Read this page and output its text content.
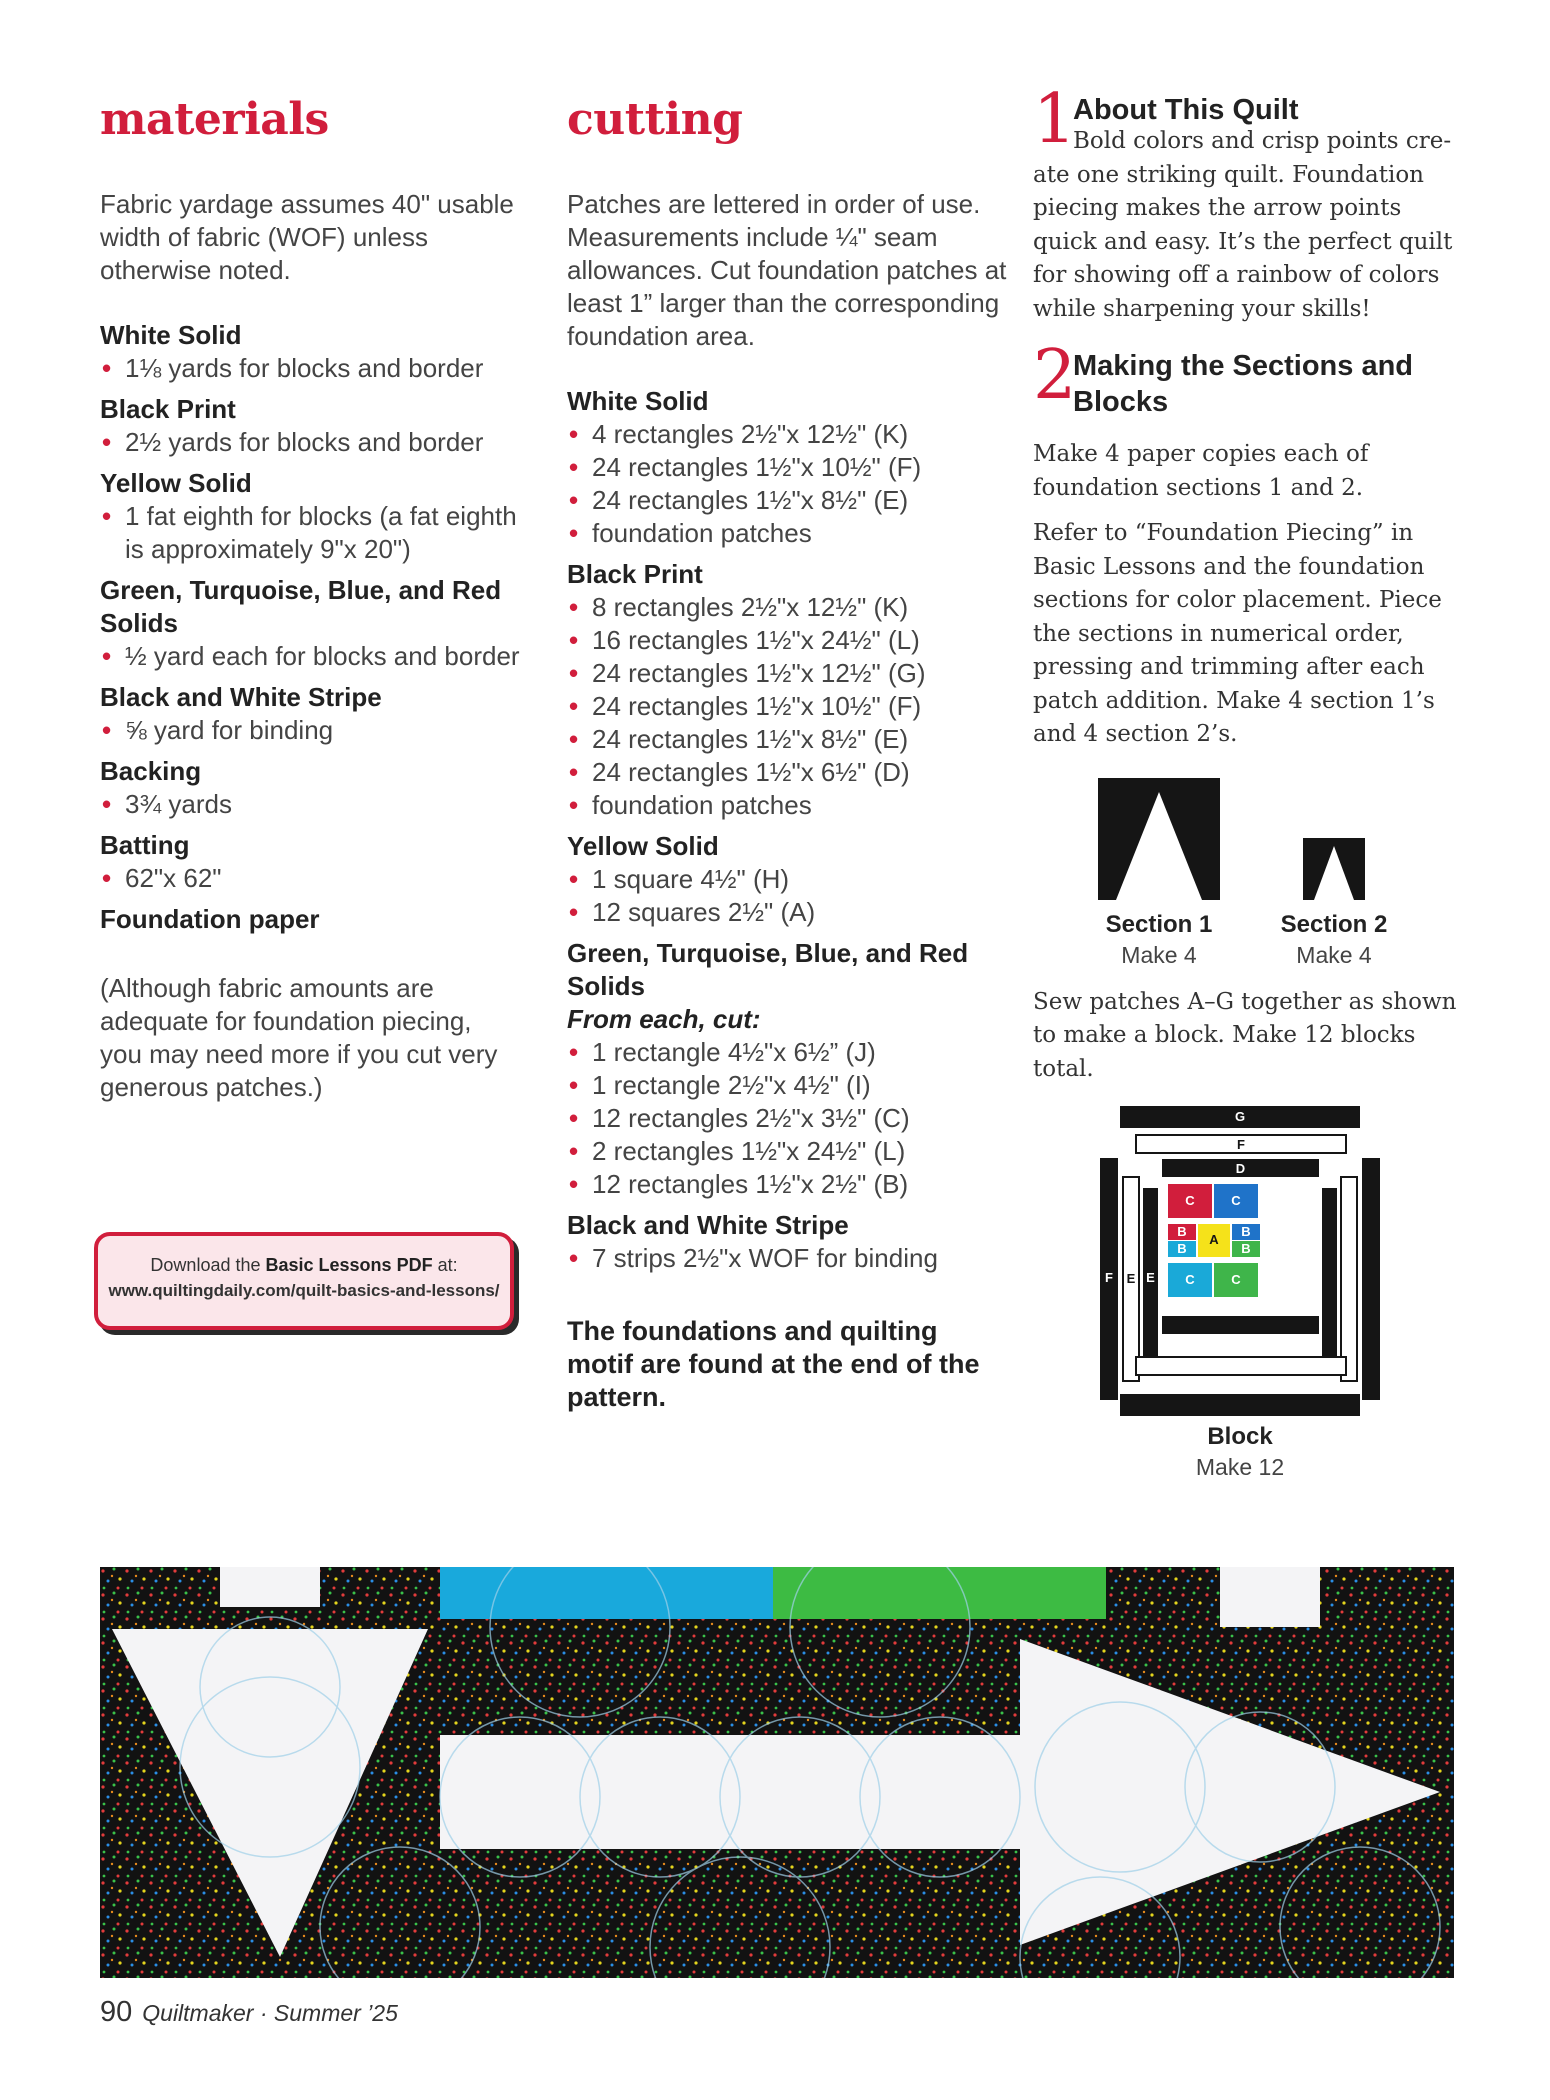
materials

Fabric yardage assumes 40" usable width of fabric (WOF) unless otherwise noted.

White Solid
• 1⅛ yards for blocks and border
Black Print
• 2½ yards for blocks and border
Yellow Solid
• 1 fat eighth for blocks (a fat eighth is approximately 9"x 20")
Green, Turquoise, Blue, and Red Solids
• ½ yard each for blocks and border
Black and White Stripe
• ⅝ yard for binding
Backing
• 3¾ yards
Batting
• 62"x 62"
Foundation paper

(Although fabric amounts are adequate for foundation piecing, you may need more if you cut very generous patches.)

Download the Basic Lessons PDF at:
www.quiltingdaily.com/quilt-basics-and-lessons/
cutting

Patches are lettered in order of use. Measurements include ¼" seam allowances. Cut foundation patches at least 1” larger than the corresponding foundation area.

White Solid
• 4 rectangles 2½"x 12½" (K)
• 24 rectangles 1½"x 10½" (F)
• 24 rectangles 1½"x 8½" (E)
• foundation patches
Black Print
• 8 rectangles 2½"x 12½" (K)
• 16 rectangles 1½"x 24½" (L)
• 24 rectangles 1½"x 12½" (G)
• 24 rectangles 1½"x 10½" (F)
• 24 rectangles 1½"x 8½" (E)
• 24 rectangles 1½"x 6½" (D)
• foundation patches
Yellow Solid
• 1 square 4½" (H)
• 12 squares 2½" (A)
Green, Turquoise, Blue, and Red Solids
From each, cut:
• 1 rectangle 4½"x 6½” (J)
• 1 rectangle 2½"x 4½" (I)
• 12 rectangles 2½"x 3½" (C)
• 2 rectangles 1½"x 24½" (L)
• 12 rectangles 1½"x 2½" (B)
Black and White Stripe
• 7 strips 2½"x WOF for binding

The foundations and quilting motif are found at the end of the pattern.

1
About This Quilt

Bold colors and crisp points cre-

ate one striking quilt. Foundation piecing makes the arrow points quick and easy. It’s the perfect quilt for showing off a rainbow of colors while sharpening your skills!

2
Making the Sections and Blocks

Make 4 paper copies each of foundation sections 1 and 2.

Refer to “Foundation Piecing” in Basic Lessons and the foundation sections for color placement. Piece the sections in numerical order, pressing and trimming after each patch addition. Make 4 section 1’s and 4 section 2’s.

Section 1
Make 4
Section 2
Make 4

Sew patches A–G together as shown to make a block. Make 12 blocks total.

G
F
D
F	E E
C	C
B
B
A
B
B
C	C
Block
Make 12
90 Quiltmaker · Summer ’25
